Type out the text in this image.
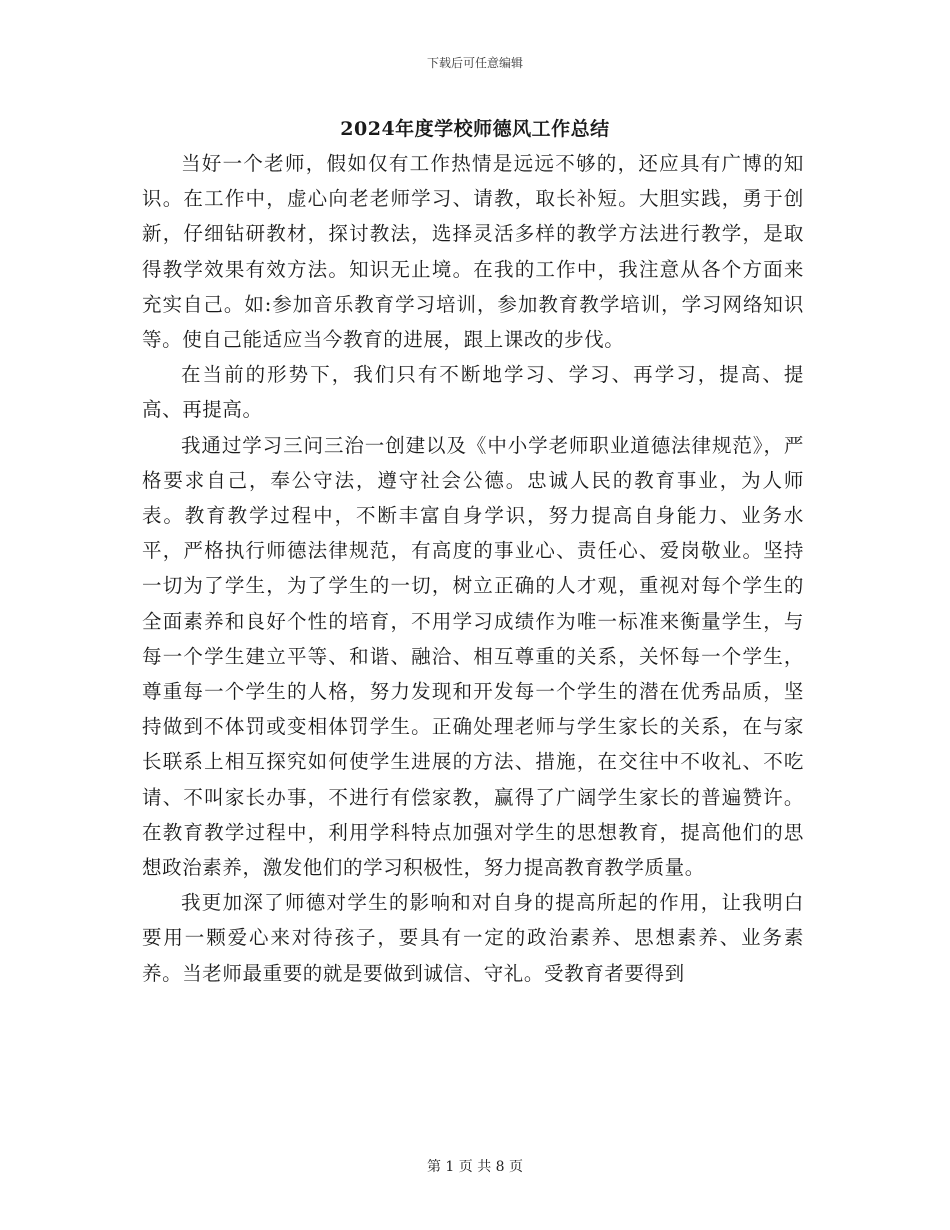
下载后可任意编辑
2024年度学校师德风工作总结

当好一个老师，假如仅有工作热情是远远不够的，还应具有广博的知识。在工作中，虚心向老老师学习、请教，取长补短。大胆实践，勇于创新，仔细钻研教材，探讨教法，选择灵活多样的教学方法进行教学，是取得教学效果有效方法。知识无止境。在我的工作中，我注意从各个方面来充实自己。如:参加音乐教育学习培训，参加教育教学培训，学习网络知识等。使自己能适应当今教育的进展，跟上课改的步伐。

在当前的形势下，我们只有不断地学习、学习、再学习，提高、提高、再提高。

我通过学习三问三治一创建以及《中小学老师职业道德法律规范》，严格要求自己，奉公守法，遵守社会公德。忠诚人民的教育事业，为人师表。教育教学过程中，不断丰富自身学识，努力提高自身能力、业务水平，严格执行师德法律规范，有高度的事业心、责任心、爱岗敬业。坚持一切为了学生，为了学生的一切，树立正确的人才观，重视对每个学生的全面素养和良好个性的培育，不用学习成绩作为唯一标准来衡量学生，与每一个学生建立平等、和谐、融洽、相互尊重的关系，关怀每一个学生，尊重每一个学生的人格，努力发现和开发每一个学生的潜在优秀品质，坚持做到不体罚或变相体罚学生。正确处理老师与学生家长的关系，在与家长联系上相互探究如何使学生进展的方法、措施，在交往中不收礼、不吃请、不叫家长办事，不进行有偿家教，赢得了广阔学生家长的普遍赞许。在教育教学过程中，利用学科特点加强对学生的思想教育，提高他们的思想政治素养，激发他们的学习积极性，努力提高教育教学质量。

我更加深了师德对学生的影响和对自身的提高所起的作用，让我明白要用一颗爱心来对待孩子，要具有一定的政治素养、思想素养、业务素养。当老师最重要的就是要做到诚信、守礼。受教育者要得到

第 1 页 共 8 页
